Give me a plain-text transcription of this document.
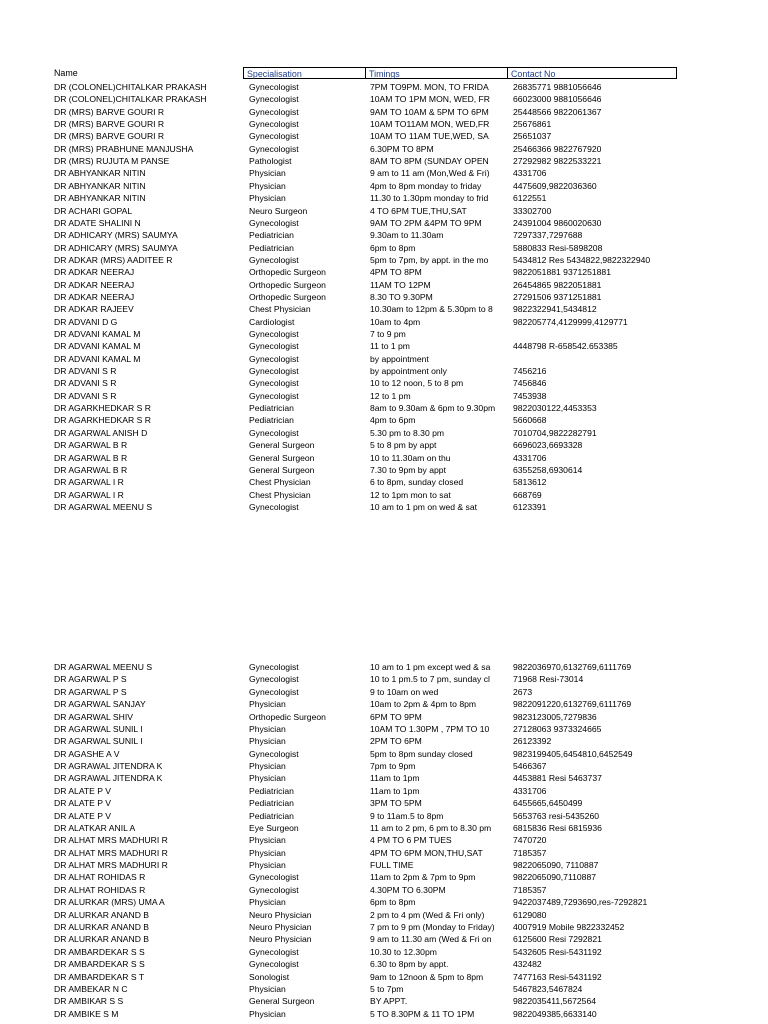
Name	Specialisation	Timings	Contact No
DR (COLONEL)CHITALKAR PRAKASH	Gynecologist	7PM TO9PM. MON, TO FRIDA	26835771 9881056646
DR (COLONEL)CHITALKAR PRAKASH	Gynecologist	10AM TO 1PM MON, WED, FR	66023000 9881056646
DR (MRS) BARVE GOURI R	Gynecologist	9AM TO 10AM & 5PM TO 6PM	25448566 9822061367
DR (MRS) BARVE GOURI R	Gynecologist	10AM TO11AM MON, WED,FR	25676861
DR (MRS) BARVE GOURI R	Gynecologist	10AM TO 11AM TUE,WED, SA	25651037
DR (MRS) PRABHUNE MANJUSHA	Gynecologist	6.30PM TO 8PM	25466366 9822767920
DR (MRS) RUJUTA M PANSE	Pathologist	8AM TO 8PM (SUNDAY OPEN	27292982 9822533221
DR ABHYANKAR NITIN	Physician	9 am to 11 am (Mon,Wed & Fri)	4331706
DR ABHYANKAR NITIN	Physician	4pm to 8pm monday to friday	4475609,9822036360
DR ABHYANKAR NITIN	Physician	11.30 to 1.30pm monday to frid	6122551
DR ACHARI GOPAL	Neuro Surgeon	4 TO 6PM TUE,THU,SAT	33302700
DR ADATE SHALINI N	Gynecologist	9AM TO 2PM &4PM TO 9PM	24391004 9860020630
DR ADHICARY (MRS) SAUMYA	Pediatrician	9.30am to 11.30am	7297337,7297688
DR ADHICARY (MRS) SAUMYA	Pediatrician	6pm to 8pm	5880833 Resi-5898208
DR ADKAR (MRS) AADITEE R	Gynecologist	5pm to 7pm, by appt. in the mo	5434812 Res 5434822,9822322940
DR ADKAR NEERAJ	Orthopedic Surgeon	4PM TO 8PM	9822051881 9371251881
DR ADKAR NEERAJ	Orthopedic Surgeon	11AM TO 12PM	26454865 9822051881
DR ADKAR NEERAJ	Orthopedic Surgeon	8.30 TO 9.30PM	27291506 9371251881
DR ADKAR RAJEEV	Chest Physician	10.30am to 12pm & 5.30pm to 8	9822322941,5434812
DR ADVANI D G	Cardiologist	10am to 4pm	982205774,4129999,4129771
DR ADVANI KAMAL M	Gynecologist	7 to 9 pm
DR ADVANI KAMAL M	Gynecologist	11 to 1 pm	4448798 R-658542.653385
DR ADVANI KAMAL M	Gynecologist	by appointment
DR ADVANI S R	Gynecologist	by appointment only	7456216
DR ADVANI S R	Gynecologist	10 to 12 noon, 5 to 8 pm	7456846
DR ADVANI S R	Gynecologist	12 to 1 pm	7453938
DR AGARKHEDKAR S R	Pediatrician	8am to 9.30am & 6pm to 9.30pm	9822030122,4453353
DR AGARKHEDKAR S R	Pediatrician	4pm to 6pm	5660668
DR AGARWAL ANISH D	Gynecologist	5.30 pm to 8.30 pm	7010704,9822282791
DR AGARWAL B R	General Surgeon	5 to 8 pm by appt	6696023,6693328
DR AGARWAL B R	General Surgeon	10 to 11.30am on thu	4331706
DR AGARWAL B R	General Surgeon	7.30 to 9pm by appt	6355258,6930614
DR AGARWAL I R	Chest Physician	6 to 8pm, sunday closed	5813612
DR AGARWAL I R	Chest Physician	12 to 1pm mon to sat	668769
DR AGARWAL MEENU S	Gynecologist	10 am to 1 pm on wed & sat	6123391
DR AGARWAL MEENU S	Gynecologist	10 am to 1 pm except wed & sa	9822036970,6132769,6111769
DR AGARWAL P S	Gynecologist	10 to 1 pm.5 to 7 pm, sunday cl	71968 Resi-73014
DR AGARWAL P S	Gynecologist	9 to 10am on wed	2673
DR AGARWAL SANJAY	Physician	10am to 2pm & 4pm to 8pm	9822091220,6132769,6111769
DR AGARWAL SHIV	Orthopedic Surgeon	6PM TO 9PM	9823123005,7279836
DR AGARWAL SUNIL I	Physician	10AM TO 1.30PM , 7PM TO 10	27128063 9373324665
DR AGARWAL SUNIL I	Physician	2PM TO 6PM	26123392
DR AGASHE A V	Gynecologist	5pm to 8pm sunday closed	9823199405,6454810,6452549
DR AGRAWAL JITENDRA K	Physician	7pm to 9pm	5466367
DR AGRAWAL JITENDRA K	Physician	11am to 1pm	4453881 Resi 5463737
DR ALATE P V	Pediatrician	11am to 1pm	4331706
DR ALATE P V	Pediatrician	3PM TO 5PM	6455665,6450499
DR ALATE P V	Pediatrician	9 to 11am.5 to 8pm	5653763 resi-5435260
DR ALATKAR ANIL A	Eye Surgeon	11 am to 2 pm, 6 pm to 8.30 pm	6815836 Resi 6815936
DR ALHAT MRS MADHURI R	Physician	4 PM TO 6 PM TUES	7470720
DR ALHAT MRS MADHURI R	Physician	4PM TO 6PM MON,THU,SAT	7185357
DR ALHAT MRS MADHURI R	Physician	FULL TIME	9822065090, 7110887
DR ALHAT ROHIDAS R	Gynecologist	11am to 2pm & 7pm to 9pm	9822065090,7110887
DR ALHAT ROHIDAS R	Gynecologist	4.30PM TO 6.30PM	7185357
DR ALURKAR (MRS) UMA A	Physician	6pm to 8pm	9422037489,7293690,res-7292821
DR ALURKAR ANAND B	Neuro Physician	2 pm to 4 pm (Wed & Fri only)	6129080
DR ALURKAR ANAND B	Neuro Physician	7 pm to 9 pm (Monday to Friday)	4007919 Mobile 9822332452
DR ALURKAR ANAND B	Neuro Physician	9 am to 11.30 am (Wed & Fri on	6125600 Resi 7292821
DR AMBARDEKAR S S	Gynecologist	10.30 to 12.30pm	5432605 Resi-5431192
DR AMBARDEKAR S S	Gynecologist	6.30 to 8pm by appt.	432482
DR AMBARDEKAR S T	Sonologist	9am to 12noon & 5pm to 8pm	7477163 Resi-5431192
DR AMBEKAR N C	Physician	5 to 7pm	5467823,5467824
DR AMBIKAR S S	General Surgeon	BY APPT.	9822035411,5672564
DR AMBIKE S M	Physician	5 TO 8.30PM & 11 TO 1PM	9822049385,6633140
